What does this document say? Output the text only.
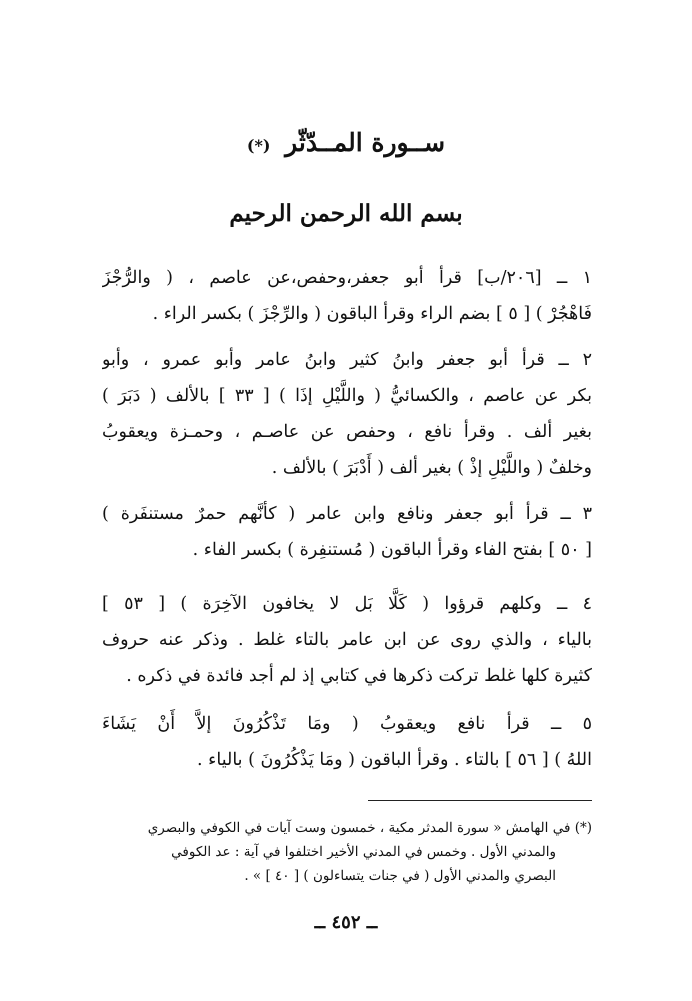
ســورة المــدّثّر (*)
بسم الله الرحمن الرحيم
١ ــ [٢٠٦/ب] قرأ أبو جعفر،وحفص،عن عاصم ، ( والرُّجْزَ
فَاهْجُرْ ) [ ٥ ] بضم الراء وقرأ الباقون ( والرِّجْزَ ) بكسر الراء .
٢ ــ قرأ أبو جعفر وابنُ كثير وابنُ عامر وأبو عمرو ، وأبو
بكر عن عاصم ، والكسائيُّ ( واللَّيْلِ إذَا ) [ ٣٣ ] بالألف ( دَبَرَ )
بغير ألف . وقرأ نافع ، وحفص عن عاصـم ، وحمـزة ويعقوبُ
وخلفٌ ( واللَّيْلِ إذْ ) بغير ألف ( أَدْبَرَ ) بالألف .
٣ ــ قرأ أبو جعفر ونافع وابن عامر ( كأنَّهم حمرٌ مستنفَرة )
[ ٥٠ ] بفتح الفاء وقرأ الباقون ( مُستنفِرة ) بكسر الفاء .
٤ ــ وكلهم قرؤوا ( كَلَّا بَل لا يخافون الآخِرَة ) [ ٥٣ ]
بالياء ، والذي روى عن ابن عامر بالتاء غلط . وذكر عنه حروف
كثيرة كلها غلط تركت ذكرها في كتابي إذ لم أجد فائدة في ذكره .
٥ ــ قرأ نافع ويعقوبُ ( ومَا تَذْكُرُونَ إلاَّ أَنْ يَشَاءَ
اللهُ ) [ ٥٦ ] بالتاء . وقرأ الباقون ( ومَا يَذْكُرُونَ ) بالياء .
(*) في الهامش « سورة المدثر مكية ، خمسون وست آيات في الكوفي والبصري
والمدني الأول . وخمس في المدني الأخير اختلفوا في آية : عد الكوفي
البصري والمدني الأول ( في جنات يتساءلون ) [ ٤٠ ] » .
ــ ٤٥٢ ــ
